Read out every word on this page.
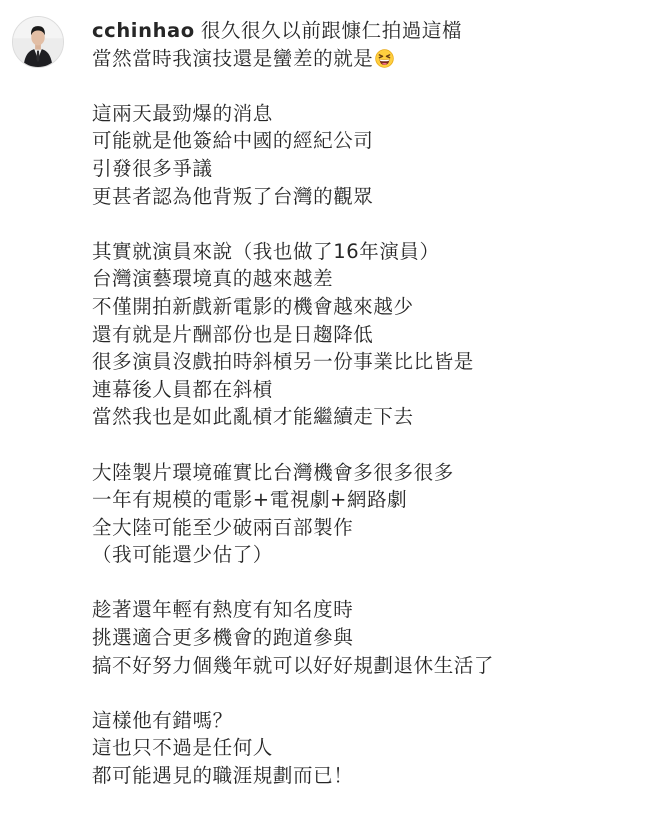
cchinhao 很久很久以前跟慷仁拍過這檔
當然當時我演技還是蠻差的就是
這兩天最勁爆的消息
可能就是他簽給中國的經紀公司
引發很多爭議
更甚者認為他背叛了台灣的觀眾
其實就演員來說（我也做了16年演員）
台灣演藝環境真的越來越差
不僅開拍新戲新電影的機會越來越少
還有就是片酬部份也是日趨降低
很多演員沒戲拍時斜槓另一份事業比比皆是
連幕後人員都在斜槓
當然我也是如此亂槓才能繼續走下去
大陸製片環境確實比台灣機會多很多很多
一年有規模的電影+電視劇+網路劇
全大陸可能至少破兩百部製作
（我可能還少估了）
趁著還年輕有熱度有知名度時
挑選適合更多機會的跑道參與
搞不好努力個幾年就可以好好規劃退休生活了
這樣他有錯嗎？
這也只不過是任何人
都可能遇見的職涯規劃而已！
